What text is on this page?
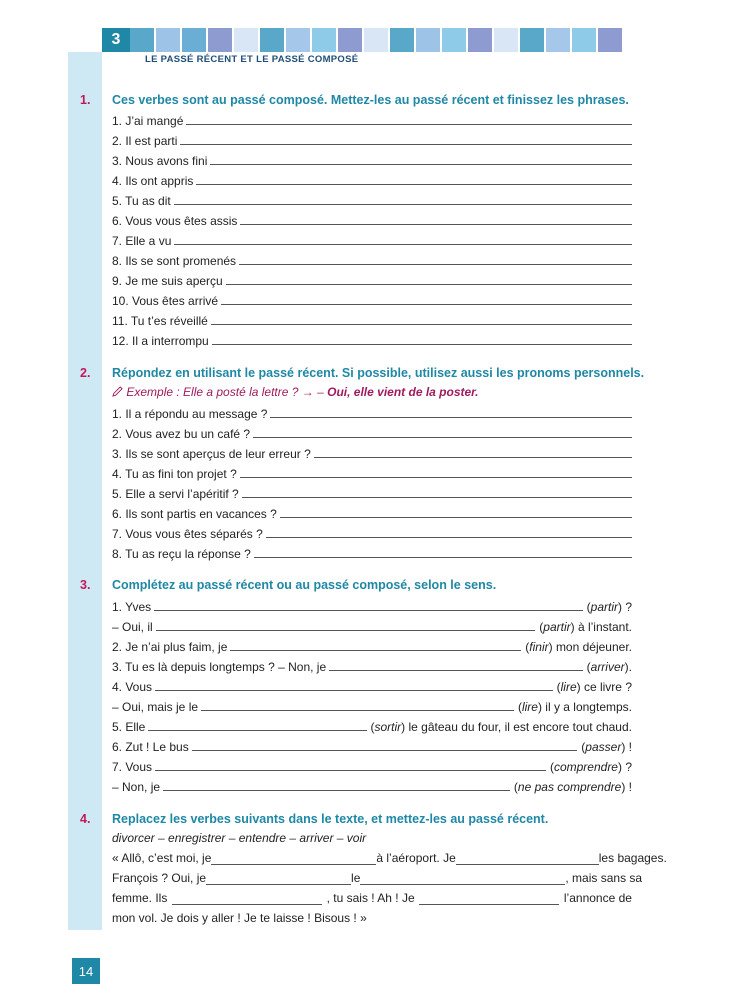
3
LE PASSÉ RÉCENT ET LE PASSÉ COMPOSÉ
1. Ces verbes sont au passé composé. Mettez-les au passé récent et finissez les phrases.
1. J’ai mangé
2. Il est parti
3. Nous avons fini
4. Ils ont appris
5. Tu as dit
6. Vous vous êtes assis
7. Elle a vu
8. Ils se sont promenés
9. Je me suis aperçu
10. Vous êtes arrivé
11. Tu t’es réveillé
12. Il a interrompu
2. Répondez en utilisant le passé récent. Si possible, utilisez aussi les pronoms personnels.
Exemple : Elle a posté la lettre ? → – Oui, elle vient de la poster.
1. Il a répondu au message ?
2. Vous avez bu un café ?
3. Ils se sont aperçus de leur erreur ?
4. Tu as fini ton projet ?
5. Elle a servi l’apéritif ?
6. Ils sont partis en vacances ?
7. Vous vous êtes séparés ?
8. Tu as reçu la réponse ?
3. Complétez au passé récent ou au passé composé, selon le sens.
1. Yves	(partir) ?
– Oui, il	(partir) à l’instant.
2. Je n’ai plus faim, je	(finir) mon déjeuner.
3. Tu es là depuis longtemps ? – Non, je	(arriver).
4. Vous	(lire) ce livre ?
– Oui, mais je le	(lire) il y a longtemps.
5. Elle	(sortir) le gâteau du four, il est encore tout chaud.
6. Zut ! Le bus	(passer) !
7. Vous	(comprendre) ?
– Non, je	(ne pas comprendre) !
4. Replacez les verbes suivants dans le texte, et mettez-les au passé récent.
divorcer – enregistrer – entendre – arriver – voir
« Allô, c’est moi, je	à l’aéroport. Je	les bagages.
François ? Oui, je	le	, mais sans sa
femme. Ils	, tu sais ! Ah ! Je	l’annonce de
mon vol. Je dois y aller ! Je te laisse ! Bisous ! »
14
